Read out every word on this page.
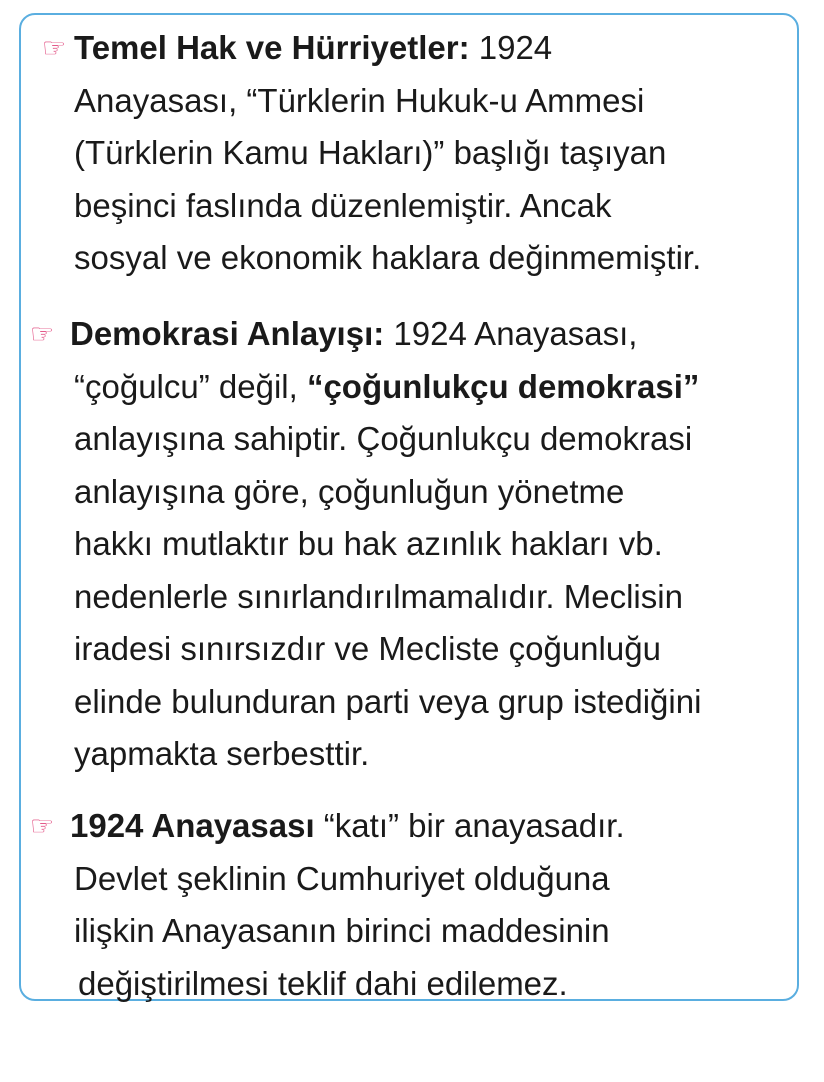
☞ Temel Hak ve Hürriyetler: 1924
Anayasası, “Türklerin Hukuk-u Ammesi
(Türklerin Kamu Hakları)” başlığı taşıyan
beşinci faslında düzenlemiştir. Ancak
sosyal ve ekonomik haklara değinmemiştir.
☞ Demokrasi Anlayışı: 1924 Anayasası,
“çoğulcu” değil, “çoğunlukçu demokrasi”
anlayışına sahiptir. Çoğunlukçu demokrasi
anlayışına göre, çoğunluğun yönetme
hakkı mutlaktır bu hak azınlık hakları vb.
nedenlerle sınırlandırılmamalıdır. Meclisin
iradesi sınırsızdır ve Mecliste çoğunluğu
elinde bulunduran parti veya grup istediğini
yapmakta serbesttir.
☞ 1924 Anayasası “katı” bir anayasadır.
Devlet şeklinin Cumhuriyet olduğuna
ilişkin Anayasanın birinci maddesinin
değiştirilmesi teklif dahi edilemez.
